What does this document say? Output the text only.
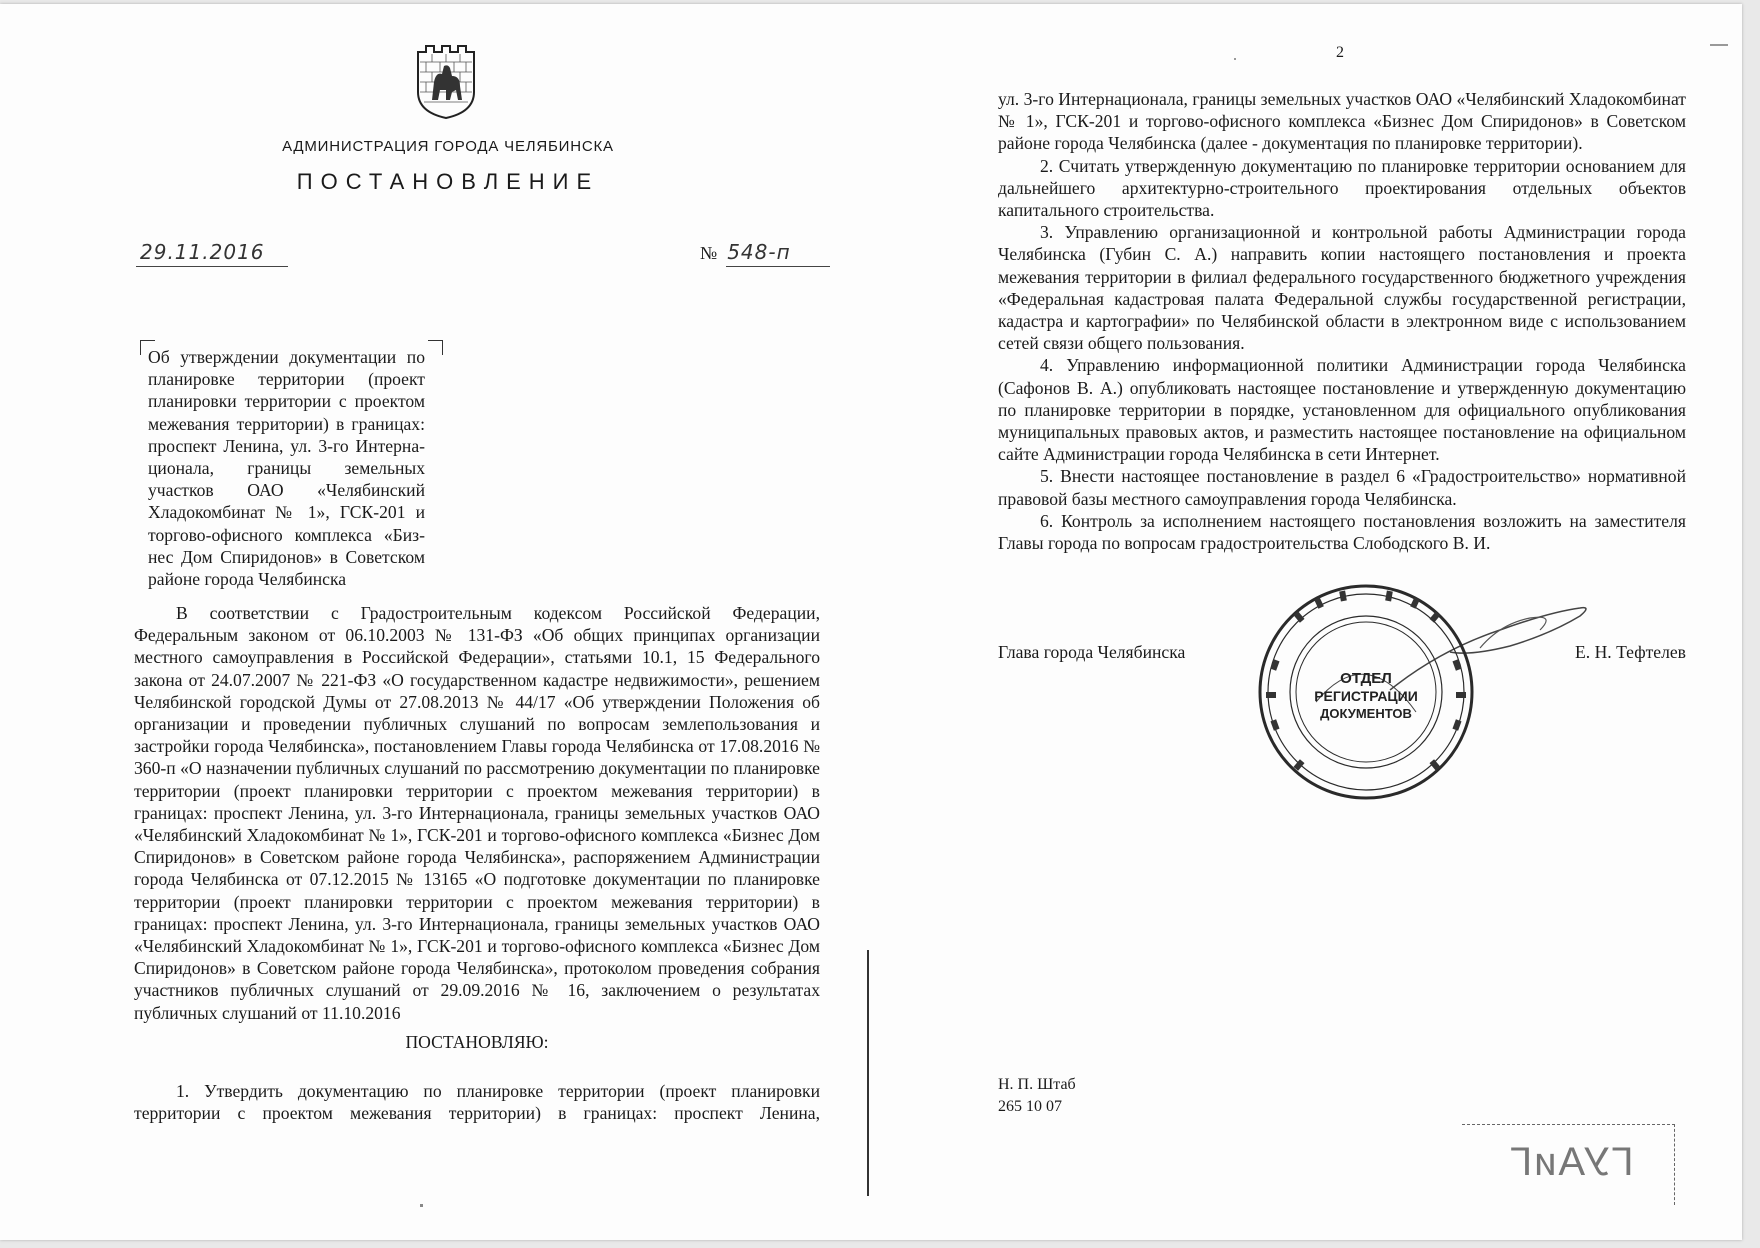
АДМИНИСТРАЦИЯ ГОРОДА ЧЕЛЯБИНСКА
ПОСТАНОВЛЕНИЕ
29.11.2016	№ 548-п
Об утверждении документации по
планировке территории (проект
планировки территории с проектом
межевания территории) в границах:
проспект Ленина, ул. 3-го Интерна-
ционала, границы земельных
участков ОАО «Челябинский
Хладокомбинат № 1», ГСК-201 и
торгово-офисного комплекса «Биз-
нес Дом Спиридонов» в Советском
районе города Челябинска

В соответствии с Градостроительным кодексом Российской Федерации, Федеральным законом от 06.10.2003 № 131-ФЗ «Об общих принципах организации местного самоуправления в Российской Федерации», статьями 10.1, 15 Федерального закона от 24.07.2007 № 221-ФЗ «О государственном кадастре недвижимости», решением Челябинской городской Думы от 27.08.2013 № 44/17 «Об утверждении Положения об организации и проведении публичных слушаний по вопросам землепользования и застройки города Челябинска», постановлением Главы города Челябинска от 17.08.2016 № 360-п «О назначении публичных слушаний по рассмотрению документации по планировке территории (проект планировки территории с проектом межевания территории) в границах: проспект Ленина, ул. 3-го Интернационала, границы земельных участков ОАО «Челябинский Хладокомбинат № 1», ГСК-201 и торгово-офисного комплекса «Бизнес Дом Спиридонов» в Советском районе города Челябинска», распоряжением Администрации города Челябинска от 07.12.2015 № 13165 «О подготовке документации по планировке территории (проект планировки территории с проектом межевания территории) в границах: проспект Ленина, ул. 3-го Интернационала, границы земельных участков ОАО «Челябинский Хладокомбинат № 1», ГСК-201 и торгово-офисного комплекса «Бизнес Дом Спиридонов» в Советском районе города Челябинска», протоколом проведения собрания участников публичных слушаний от 29.09.2016 № 16, заключением о результатах публичных слушаний от 11.10.2016

ПОСТАНОВЛЯЮ:

1. Утвердить документацию по планировке территории (проект планировки территории с проектом межевания территории) в границах: проспект Ленина,

2

ул. 3-го Интернационала, границы земельных участков ОАО «Челябинский Хладокомбинат № 1», ГСК-201 и торгово-офисного комплекса «Бизнес Дом Спиридонов» в Советском районе города Челябинска (далее - документация по планировке территории).

2. Считать утвержденную документацию по планировке территории основанием для дальнейшего архитектурно-строительного проектирования отдельных объектов капитального строительства.

3. Управлению организационной и контрольной работы Администрации города Челябинска (Губин С. А.) направить копии настоящего постановления и проекта межевания территории в филиал федерального государственного бюджетного учреждения «Федеральная кадастровая палата Федеральной службы государственной регистрации, кадастра и картографии» по Челябинской области в электронном виде с использованием сетей связи общего пользования.

4. Управлению информационной политики Администрации города Челябинска (Сафонов В. А.) опубликовать настоящее постановление и утвержденную документацию по планировке территории в порядке, установленном для официального опубликования муниципальных правовых актов, и разместить настоящее постановление на официальном сайте Администрации города Челябинска в сети Интернет.

5. Внести настоящее постановление в раздел 6 «Градостроительство» нормативной правовой базы местного самоуправления города Челябинска.

6. Контроль за исполнением настоящего постановления возложить на заместителя Главы города по вопросам градостроительства Слободского В. И.

Глава города Челябинска	Е. Н. Тефтелев
ОТДЕЛ
РЕГИСТРАЦИИ
ДОКУМЕНТОВ
Н. П. Штаб
265 10 07
ГУАиГ
